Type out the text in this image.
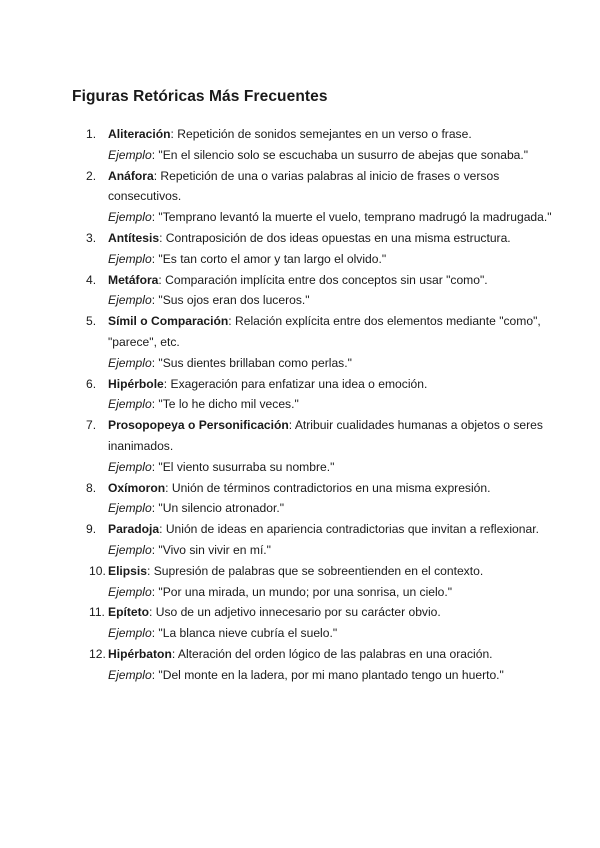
Figuras Retóricas Más Frecuentes
1. Aliteración: Repetición de sonidos semejantes en un verso o frase.
Ejemplo: "En el silencio solo se escuchaba un susurro de abejas que sonaba."
2. Anáfora: Repetición de una o varias palabras al inicio de frases o versos consecutivos.
Ejemplo: "Temprano levantó la muerte el vuelo, temprano madrugó la madrugada."
3. Antítesis: Contraposición de dos ideas opuestas en una misma estructura.
Ejemplo: "Es tan corto el amor y tan largo el olvido."
4. Metáfora: Comparación implícita entre dos conceptos sin usar "como".
Ejemplo: "Sus ojos eran dos luceros."
5. Símil o Comparación: Relación explícita entre dos elementos mediante "como", "parece", etc.
Ejemplo: "Sus dientes brillaban como perlas."
6. Hipérbole: Exageración para enfatizar una idea o emoción.
Ejemplo: "Te lo he dicho mil veces."
7. Prosopopeya o Personificación: Atribuir cualidades humanas a objetos o seres inanimados.
Ejemplo: "El viento susurraba su nombre."
8. Oxímoron: Unión de términos contradictorios en una misma expresión.
Ejemplo: "Un silencio atronador."
9. Paradoja: Unión de ideas en apariencia contradictorias que invitan a reflexionar.
Ejemplo: "Vivo sin vivir en mí."
10. Elipsis: Supresión de palabras que se sobreentienden en el contexto.
Ejemplo: "Por una mirada, un mundo; por una sonrisa, un cielo."
11. Epíteto: Uso de un adjetivo innecesario por su carácter obvio.
Ejemplo: "La blanca nieve cubría el suelo."
12. Hipérbaton: Alteración del orden lógico de las palabras en una oración.
Ejemplo: "Del monte en la ladera, por mi mano plantado tengo un huerto."
